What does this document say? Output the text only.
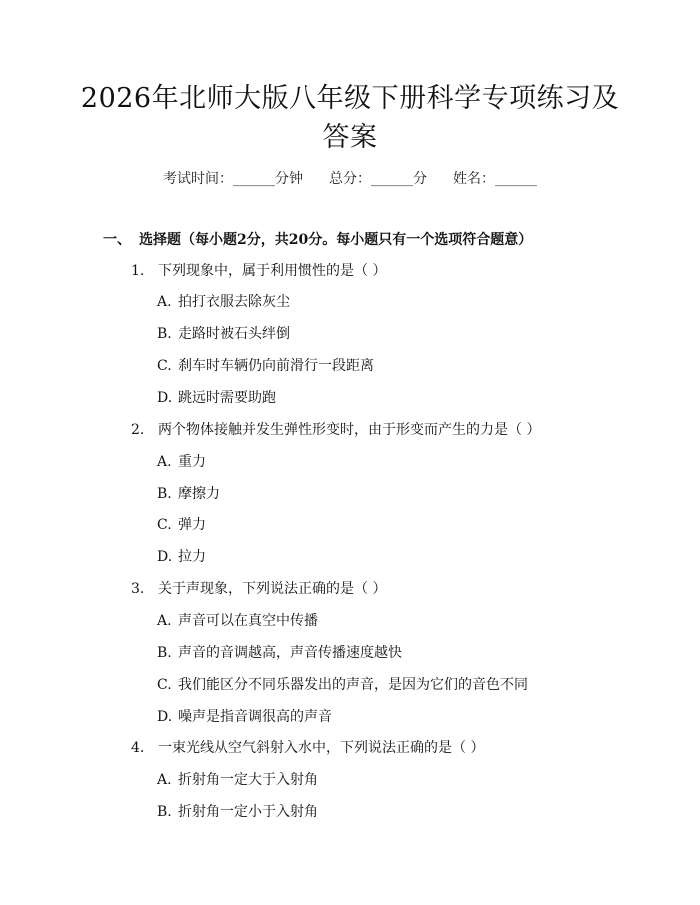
2026年北师大版八年级下册科学专项练习及
答案
考试时间：______分钟 总分：______分 姓名：______
一、 选择题（每小题2分，共20分。每小题只有一个选项符合题意）
1. 下列现象中，属于利用惯性的是（ ）
A. 拍打衣服去除灰尘
B. 走路时被石头绊倒
C. 刹车时车辆仍向前滑行一段距离
D. 跳远时需要助跑
2. 两个物体接触并发生弹性形变时，由于形变而产生的力是（ ）
A. 重力
B. 摩擦力
C. 弹力
D. 拉力
3. 关于声现象，下列说法正确的是（ ）
A. 声音可以在真空中传播
B. 声音的音调越高，声音传播速度越快
C. 我们能区分不同乐器发出的声音，是因为它们的音色不同
D. 噪声是指音调很高的声音
4. 一束光线从空气斜射入水中，下列说法正确的是（ ）
A. 折射角一定大于入射角
B. 折射角一定小于入射角
